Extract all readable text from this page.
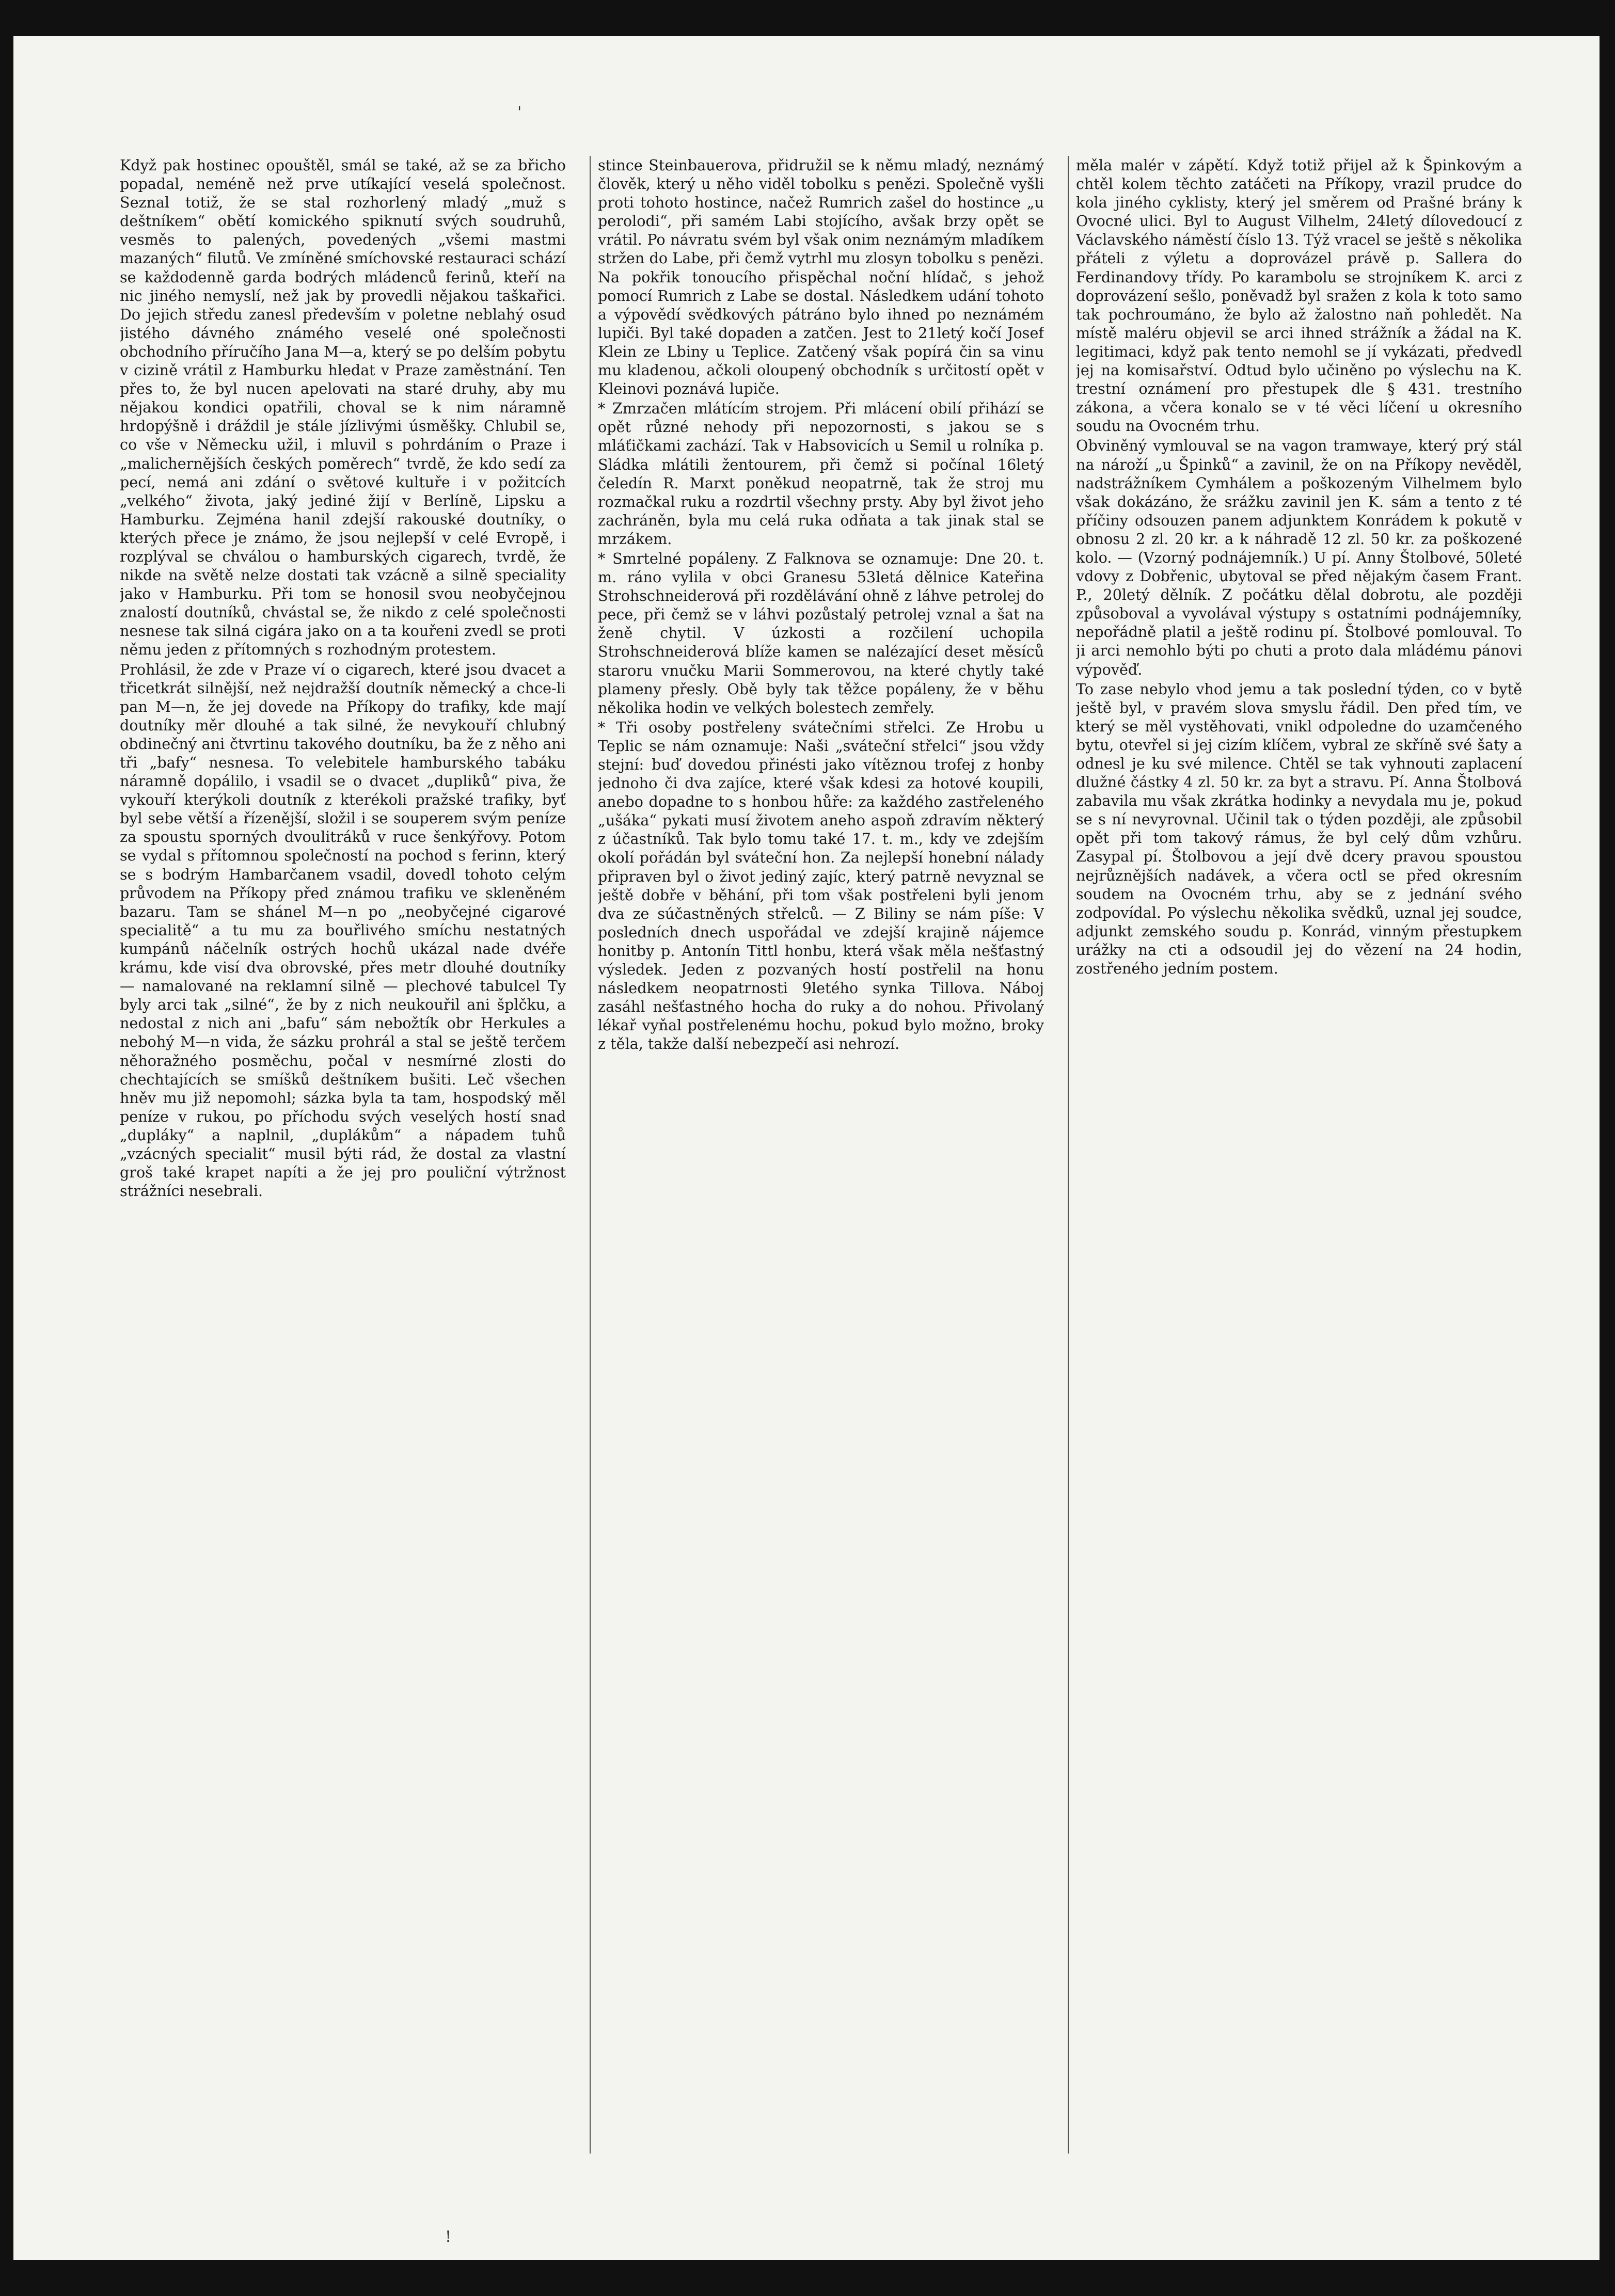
'
!

Když pak hostinec opouštěl, smál se také, až se za břicho popadal, neméně než prve utíkající veselá společnost. Seznal totiž, že se stal rozhorlený mladý „muž s deštníkem“ obětí komického spiknutí svých soudruhů, vesměs to palených, povedených „všemi mastmi mazaných“ filutů. Ve zmíněné smíchovské restauraci schází se každodenně garda bodrých mládenců ferinů, kteří na nic jiného nemyslí, než jak by provedli nějakou taškařici. Do jejich středu zanesl především v poletne neblahý osud jistého dávného známého veselé oné společnosti obchodního příručího Jana M—a, který se po delším pobytu v cizině vrátil z Hamburku hledat v Praze zaměstnání. Ten přes to, že byl nucen apelovati na staré druhy, aby mu nějakou kondici opatřili, choval se k nim náramně hrdopýšně i dráždil je stále jízlivými úsměšky. Chlubil se, co vše v Německu užil, i mluvil s pohrdáním o Praze i „malichernějších českých poměrech“ tvrdě, že kdo sedí za pecí, nemá ani zdání o světové kultuře i v požitcích „velkého“ života, jaký jediné žijí v Berlíně, Lipsku a Hamburku. Zejména hanil zdejší rakouské doutníky, o kterých přece je známo, že jsou nejlepší v celé Evropě, i rozplýval se chválou o hamburských cigarech, tvrdě, že nikde na světě nelze dostati tak vzácně a silně speciality jako v Hamburku. Při tom se honosil svou neobyčejnou znalostí doutníků, chvástal se, že nikdo z celé společnosti nesnese tak silná cigára jako on a ta kouřeni zvedl se proti němu jeden z přítomných s rozhodným protestem.

Prohlásil, že zde v Praze ví o cigarech, které jsou dvacet a třicetkrát silnější, než nejdražší doutník německý a chce-li pan M—n, že jej dovede na Příkopy do trafiky, kde mají doutníky měr dlouhé a tak silné, že nevykouří chlubný obdinečný ani čtvrtinu takového doutníku, ba že z něho ani tři „bafy“ nesnesa. To velebitele hamburského tabáku náramně dopálilo, i vsadil se o dvacet „dupliků“ piva, že vykouří kterýkoli doutník z kterékoli pražské trafiky, byť byl sebe větší a řízenější, složil i se souperem svým peníze za spoustu sporných dvoulitráků v ruce šenkýřovy. Potom se vydal s přítomnou společností na pochod s ferinn, který se s bodrým Hambarčanem vsadil, dovedl tohoto celým průvodem na Příkopy před známou trafiku ve skleněném bazaru. Tam se shánel M—n po „neobyčejné cigarové specialitě“ a tu mu za bouřlivého smíchu nestatných kumpánů náčelník ostrých hochů ukázal nade dvéře krámu, kde visí dva obrovské, přes metr dlouhé doutníky — namalované na reklamní silně — plechové tabulcel Ty byly arci tak „silné“, že by z nich neukouřil ani šplčku, a nedostal z nich ani „bafu“ sám nebožtík obr Herkules a nebohý M—n vida, že sázku prohrál a stal se ještě terčem něhoražného posměchu, počal v nesmírné zlosti do chechtajících se smíšků deštníkem bušiti. Leč všechen hněv mu již nepomohl; sázka byla ta tam, hospodský měl peníze v rukou, po příchodu svých veselých hostí snad „dupláky“ a naplnil, „duplákům“ a nápadem tuhů „vzácných specialit“ musil býti rád, že dostal za vlastní groš také krapet napíti a že jej pro pouliční výtržnost strážníci nesebrali.

stince Steinbauerova, přidružil se k němu mladý, neznámý člověk, který u něho viděl tobolku s penězi. Společně vyšli proti tohoto hostince, načež Rumrich zašel do hostince „u perolodi“, při samém Labi stojícího, avšak brzy opět se vrátil. Po návratu svém byl však onim neznámým mladíkem stržen do Labe, při čemž vytrhl mu zlosyn tobolku s penězi. Na pokřik tonoucího přispěchal noční hlídač, s jehož pomocí Rumrich z Labe se dostal. Následkem udání tohoto a výpovědí svědkových pátráno bylo ihned po neznámém lupiči. Byl také dopaden a zatčen. Jest to 21letý kočí Josef Klein ze Lbiny u Teplice. Zatčený však popírá čin sa vinu mu kladenou, ačkoli oloupený obchodník s určitostí opět v Kleinovi poznává lupiče.

* Zmrzačen mlátícím strojem. Při mlácení obilí přihází se opět různé nehody při nepozornosti, s jakou se s mláťičkami zachází. Tak v Habsovicích u Semil u rolníka p. Sládka mlátili žentourem, při čemž si počínal 16letý čeledín R. Marxt poněkud neopatrně, tak že stroj mu rozmačkal ruku a rozdrtil všechny prsty. Aby byl život jeho zachráněn, byla mu celá ruka odňata a tak jinak stal se mrzákem.

* Smrtelné popáleny. Z Falknova se oznamuje: Dne 20. t. m. ráno vylila v obci Granesu 53letá dělnice Kateřina Strohschneiderová při rozdělávání ohně z láhve petrolej do pece, při čemž se v láhvi pozůstalý petrolej vznal a šat na ženě chytil. V úzkosti a rozčilení uchopila Strohschneiderová blíže kamen se nalézající deset měsíců staroru vnučku Marii Sommerovou, na které chytly také plameny přesly. Obě byly tak těžce popáleny, že v běhu několika hodin ve velkých bolestech zemřely.

* Tři osoby postřeleny svátečními střelci. Ze Hrobu u Teplic se nám oznamuje: Naši „sváteční střelci“ jsou vždy stejní: buď dovedou přinésti jako vítěznou trofej z honby jednoho či dva zajíce, které však kdesi za hotové koupili, anebo dopadne to s honbou hůře: za každého zastřeleného „ušáka“ pykati musí životem aneho aspoň zdravím některý z účastníků. Tak bylo tomu také 17. t. m., kdy ve zdejším okolí pořádán byl sváteční hon. Za nejlepší honební nálady připraven byl o život jediný zajíc, který patrně nevyznal se ještě dobře v běhání, při tom však postřeleni byli jenom dva ze súčastněných střelců. — Z Biliny se nám píše: V posledních dnech uspořádal ve zdejší krajině nájemce honitby p. Antonín Tittl honbu, která však měla nešťastný výsledek. Jeden z pozvaných hostí postřelil na honu následkem neopatrnosti 9letého synka Tillova. Náboj zasáhl nešťastného hocha do ruky a do nohou. Přivolaný lékař vyňal postřelenému hochu, pokud bylo možno, broky z těla, takže další nebezpečí asi nehrozí.

měla malér v zápětí. Když totiž přijel až k Špinkovým a chtěl kolem těchto zatáčeti na Příkopy, vrazil prudce do kola jiného cyklisty, který jel směrem od Prašné brány k Ovocné ulici. Byl to August Vilhelm, 24letý dílovedoucí z Václavského náměstí číslo 13. Týž vracel se ještě s několika přáteli z výletu a doprovázel právě p. Sallera do Ferdinandovy třídy. Po karambolu se strojníkem K. arci z doprovázení sešlo, poněvadž byl sražen z kola k toto samo tak pochroumáno, že bylo až žalostno naň pohledět. Na místě maléru objevil se arci ihned strážník a žádal na K. legitimaci, když pak tento nemohl se jí vykázati, předvedl jej na komisařství. Odtud bylo učiněno po výslechu na K. trestní oznámení pro přestupek dle § 431. trestního zákona, a včera konalo se v té věci líčení u okresního soudu na Ovocném trhu.

Obviněný vymlouval se na vagon tramwaye, který prý stál na nároží „u Špinků“ a zavinil, že on na Příkopy nevěděl, nadstrážníkem Cymhálem a poškozeným Vilhelmem bylo však dokázáno, že srážku zavinil jen K. sám a tento z té příčiny odsouzen panem adjunktem Konrádem k pokutě v obnosu 2 zl. 20 kr. a k náhradě 12 zl. 50 kr. za poškozené kolo. — (Vzorný podnájemník.) U pí. Anny Štolbové, 50leté vdovy z Dobřenic, ubytoval se před nějakým časem Frant. P., 20letý dělník. Z počátku dělal dobrotu, ale později způsoboval a vyvolával výstupy s ostatními podnájemníky, nepořádně platil a ještě rodinu pí. Štolbové pomlouval. To ji arci nemohlo býti po chuti a proto dala mládému pánovi výpověď.

To zase nebylo vhod jemu a tak poslední týden, co v bytě ještě byl, v pravém slova smyslu řádil. Den před tím, ve který se měl vystěhovati, vnikl odpoledne do uzamčeného bytu, otevřel si jej cizím klíčem, vybral ze skříně své šaty a odnesl je ku své milence. Chtěl se tak vyhnouti zaplacení dlužné částky 4 zl. 50 kr. za byt a stravu. Pí. Anna Štolbová zabavila mu však zkrátka hodinky a nevydala mu je, pokud se s ní nevyrovnal. Učinil tak o týden později, ale způsobil opět při tom takový rámus, že byl celý dům vzhůru. Zasypal pí. Štolbovou a její dvě dcery pravou spoustou nejrůznějších nadávek, a včera octl se před okresním soudem na Ovocném trhu, aby se z jednání svého zodpovídal. Po výslechu několika svědků, uznal jej soudce, adjunkt zemského soudu p. Konrád, vinným přestupkem urážky na cti a odsoudil jej do vězení na 24 hodin, zostřeného jedním postem.
